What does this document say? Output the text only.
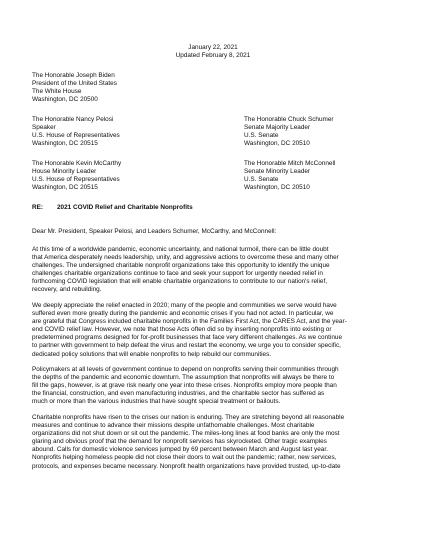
January 22, 2021
Updated February 8, 2021
The Honorable Joseph Biden
President of the United States
The White House
Washington, DC 20500
The Honorable Nancy Pelosi
Speaker
U.S. House of Representatives
Washington, DC 20515
The Honorable Chuck Schumer
Senate Majority Leader
U.S. Senate
Washington, DC 20510
The Honorable Kevin McCarthy
House Minority Leader
U.S. House of Representatives
Washington, DC 20515
The Honorable Mitch McConnell
Senate Minority Leader
U.S. Senate
Washington, DC 20510
RE: 2021 COVID Relief and Charitable Nonprofits
Dear Mr. President, Speaker Pelosi, and Leaders Schumer, McCarthy, and McConnell:
At this time of a worldwide pandemic, economic uncertainty, and national turmoil, there can be little doubt
that America desperately needs leadership, unity, and aggressive actions to overcome these and many other
challenges. The undersigned charitable nonprofit organizations take this opportunity to identify the unique
challenges charitable organizations continue to face and seek your support for urgently needed relief in
forthcoming COVID legislation that will enable charitable organizations to contribute to our nation's relief,
recovery, and rebuilding.
We deeply appreciate the relief enacted in 2020; many of the people and communities we serve would have
suffered even more greatly during the pandemic and economic crises if you had not acted. In particular, we
are grateful that Congress included charitable nonprofits in the Families First Act, the CARES Act, and the year-
end COVID relief law. However, we note that those Acts often did so by inserting nonprofits into existing or
predetermined programs designed for for-profit businesses that face very different challenges. As we continue
to partner with government to help defeat the virus and restart the economy, we urge you to consider specific,
dedicated policy solutions that will enable nonprofits to help rebuild our communities.
Policymakers at all levels of government continue to depend on nonprofits serving their communities through
the depths of the pandemic and economic downturn. The assumption that nonprofits will always be there to
fill the gaps, however, is at grave risk nearly one year into these crises. Nonprofits employ more people than
the financial, construction, and even manufacturing industries, and the charitable sector has suffered as
much or more than the various industries that have sought special treatment or bailouts.
Charitable nonprofits have risen to the crises our nation is enduring. They are stretching beyond all reasonable
measures and continue to advance their missions despite unfathomable challenges. Most charitable
organizations did not shut down or sit out the pandemic. The miles-long lines at food banks are only the most
glaring and obvious proof that the demand for nonprofit services has skyrocketed. Other tragic examples
abound. Calls for domestic violence services jumped by 69 percent between March and August last year.
Nonprofits helping homeless people did not close their doors to wait out the pandemic; rather, new services,
protocols, and expenses became necessary. Nonprofit health organizations have provided trusted, up-to-date
